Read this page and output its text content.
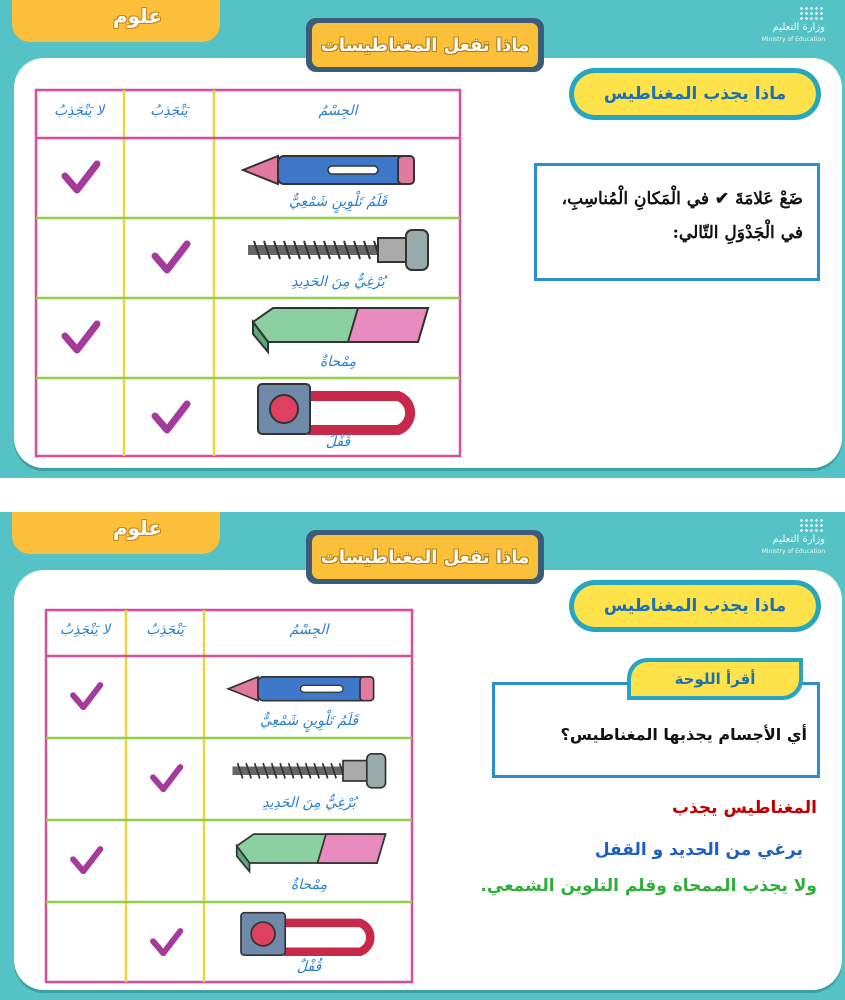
علوم
ماذا تفعل المغناطيسات
وزارة التعليم
Ministry of Education
ماذا يجذب المغناطيس
ضَعْ عَلامَةَ ✔ في الْمَكانِ الْمُناسِبِ، في الْجَدْوَلِ التّالي:
الجِسْمُ
يَنْجَذِبُ
لا يَنْجَذِبُ
قَلَمُ تَلْوِينٍ شَمْعِيٌّ
بُرْغِيٌّ مِنَ الحَدِيدِ
مِمْحاةٌ
قُفْلٌ
علوم
ماذا تفعل المغناطيسات
وزارة التعليم
Ministry of Education
ماذا يجذب المغناطيس
الجِسْمُ
يَنْجَذِبُ
لا يَنْجَذِبُ
قَلَمُ تَلْوِينٍ شَمْعِيٌّ
بُرْغِيٌّ مِنَ الحَدِيدِ
مِمْحاةٌ
قُفْلٌ
أقرأ اللوحة
أي الأجسام يجذبها المغناطيس؟
المغناطيس يجذب
برغي من الحديد و القفل
ولا يجذب الممحاة وقلم التلوين الشمعي.
